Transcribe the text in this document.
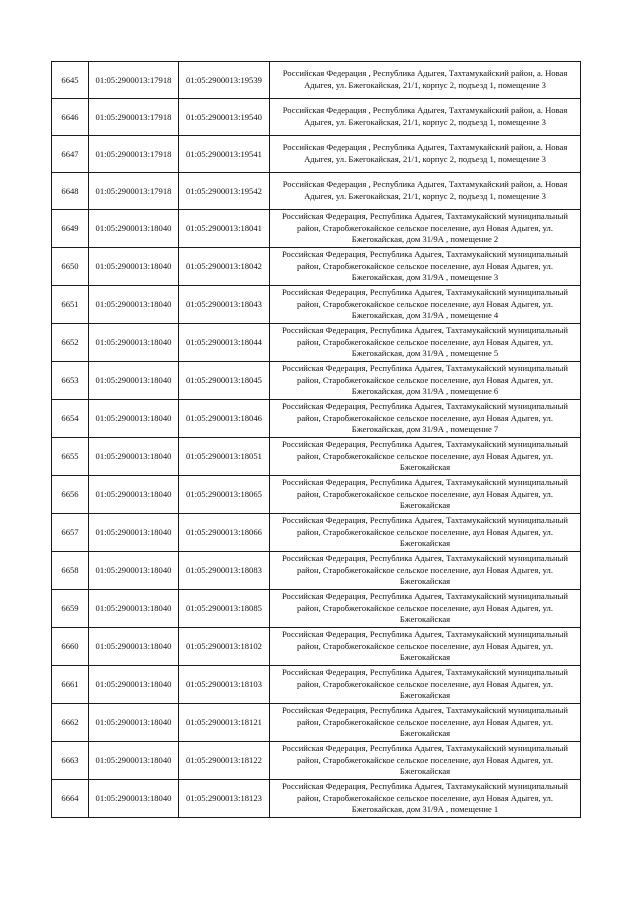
6645	01:05:2900013:17918	01:05:2900013:19539	Российская Федерация , Республика Адыгея, Тахтамукайский район, а. Новая Адыгея, ул. Бжегокайская, 21/1, корпус 2, подъезд 1, помещение 3
6646	01:05:2900013:17918	01:05:2900013:19540	Российская Федерация , Республика Адыгея, Тахтамукайский район, а. Новая Адыгея, ул. Бжегокайская, 21/1, корпус 2, подъезд 1, помещение 3
6647	01:05:2900013:17918	01:05:2900013:19541	Российская Федерация , Республика Адыгея, Тахтамукайский район, а. Новая Адыгея, ул. Бжегокайская, 21/1, корпус 2, подъезд 1, помещение 3
6648	01:05:2900013:17918	01:05:2900013:19542	Российская Федерация , Республика Адыгея, Тахтамукайский район, а. Новая Адыгея, ул. Бжегокайская, 21/1, корпус 2, подъезд 1, помещение 3
6649	01:05:2900013:18040	01:05:2900013:18041	Российская Федерация, Республика Адыгея, Тахтамукайский муниципальный район, Старобжегокайское сельское поселение, аул Новая Адыгея, ул. Бжегокайская, дом 31/9А , помещение 2
6650	01:05:2900013:18040	01:05:2900013:18042	Российская Федерация, Республика Адыгея, Тахтамукайский муниципальный район, Старобжегокайское сельское поселение, аул Новая Адыгея, ул. Бжегокайская, дом 31/9А , помещение 3
6651	01:05:2900013:18040	01:05:2900013:18043	Российская Федерация, Республика Адыгея, Тахтамукайский муниципальный район, Старобжегокайское сельское поселение, аул Новая Адыгея, ул. Бжегокайская, дом 31/9А , помещение 4
6652	01:05:2900013:18040	01:05:2900013:18044	Российская Федерация, Республика Адыгея, Тахтамукайский муниципальный район, Старобжегокайское сельское поселение, аул Новая Адыгея, ул. Бжегокайская, дом 31/9А , помещение 5
6653	01:05:2900013:18040	01:05:2900013:18045	Российская Федерация, Республика Адыгея, Тахтамукайский муниципальный район, Старобжегокайское сельское поселение, аул Новая Адыгея, ул. Бжегокайская, дом 31/9А , помещение 6
6654	01:05:2900013:18040	01:05:2900013:18046	Российская Федерация, Республика Адыгея, Тахтамукайский муниципальный район, Старобжегокайское сельское поселение, аул Новая Адыгея, ул. Бжегокайская, дом 31/9А , помещение 7
6655	01:05:2900013:18040	01:05:2900013:18051	Российская Федерация, Республика Адыгея, Тахтамукайский муниципальный район, Старобжегокайское сельское поселение, аул Новая Адыгея, ул. Бжегокайская
6656	01:05:2900013:18040	01:05:2900013:18065	Российская Федерация, Республика Адыгея, Тахтамукайский муниципальный район, Старобжегокайское сельское поселение, аул Новая Адыгея, ул. Бжегокайская
6657	01:05:2900013:18040	01:05:2900013:18066	Российская Федерация, Республика Адыгея, Тахтамукайский муниципальный район, Старобжегокайское сельское поселение, аул Новая Адыгея, ул. Бжегокайская
6658	01:05:2900013:18040	01:05:2900013:18083	Российская Федерация, Республика Адыгея, Тахтамукайский муниципальный район, Старобжегокайское сельское поселение, аул Новая Адыгея, ул. Бжегокайская
6659	01:05:2900013:18040	01:05:2900013:18085	Российская Федерация, Республика Адыгея, Тахтамукайский муниципальный район, Старобжегокайское сельское поселение, аул Новая Адыгея, ул. Бжегокайская
6660	01:05:2900013:18040	01:05:2900013:18102	Российская Федерация, Республика Адыгея, Тахтамукайский муниципальный район, Старобжегокайское сельское поселение, аул Новая Адыгея, ул. Бжегокайская
6661	01:05:2900013:18040	01:05:2900013:18103	Российская Федерация, Республика Адыгея, Тахтамукайский муниципальный район, Старобжегокайское сельское поселение, аул Новая Адыгея, ул. Бжегокайская
6662	01:05:2900013:18040	01:05:2900013:18121	Российская Федерация, Республика Адыгея, Тахтамукайский муниципальный район, Старобжегокайское сельское поселение, аул Новая Адыгея, ул. Бжегокайская
6663	01:05:2900013:18040	01:05:2900013:18122	Российская Федерация, Республика Адыгея, Тахтамукайский муниципальный район, Старобжегокайское сельское поселение, аул Новая Адыгея, ул. Бжегокайская
6664	01:05:2900013:18040	01:05:2900013:18123	Российская Федерация, Республика Адыгея, Тахтамукайский муниципальный район, Старобжегокайское сельское поселение, аул Новая Адыгея, ул. Бжегокайская, дом 31/9А , помещение 1
